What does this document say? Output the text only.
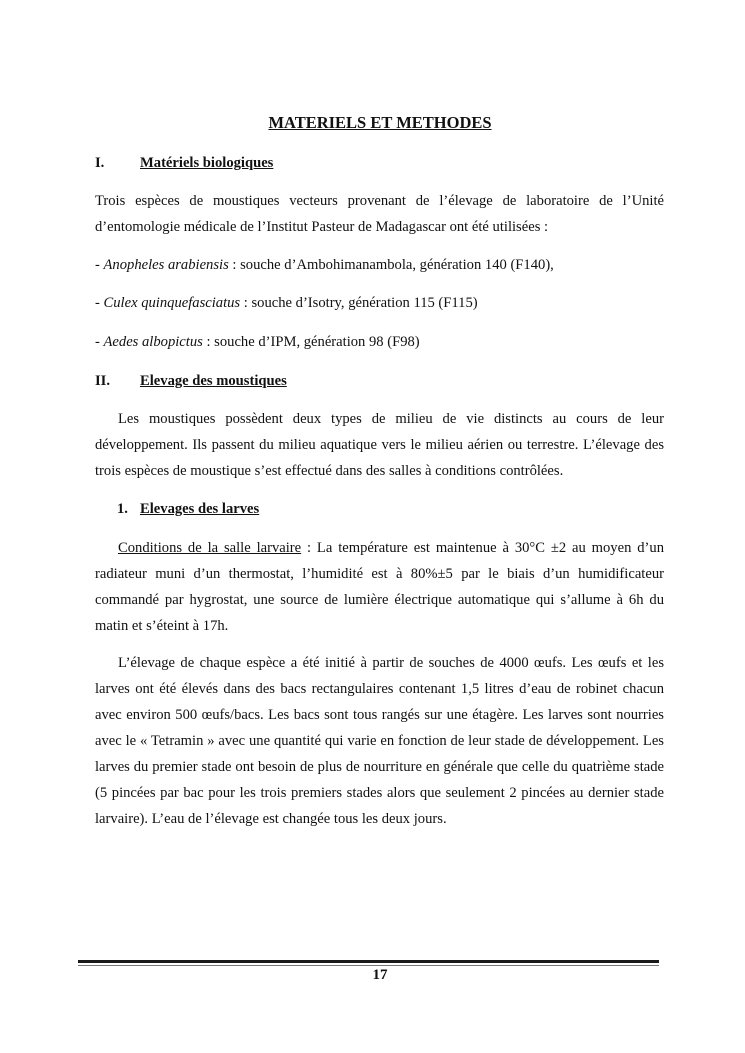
MATERIELS ET METHODES
I. Matériels biologiques

Trois espèces de moustiques vecteurs provenant de l’élevage de laboratoire de l’Unité d’entomologie médicale de l’Institut Pasteur de Madagascar ont été utilisées :

- Anopheles arabiensis : souche d’Ambohimanambola, génération 140 (F140),
- Culex quinquefasciatus : souche d’Isotry, génération 115 (F115)
- Aedes albopictus : souche d’IPM, génération 98 (F98)
II. Elevage des moustiques

Les moustiques possèdent deux types de milieu de vie distincts au cours de leur développement. Ils passent du milieu aquatique vers le milieu aérien ou terrestre. L’élevage des trois espèces de moustique s’est effectué dans des salles à conditions contrôlées.

1. Elevages des larves

Conditions de la salle larvaire : La température est maintenue à 30°C ±2 au moyen d’un radiateur muni d’un thermostat, l’humidité est à 80%±5 par le biais d’un humidificateur commandé par hygrostat, une source de lumière électrique automatique qui s’allume à 6h du matin et s’éteint à 17h.

L’élevage de chaque espèce a été initié à partir de souches de 4000 œufs. Les œufs et les larves ont été élevés dans des bacs rectangulaires contenant 1,5 litres d’eau de robinet chacun avec environ 500 œufs/bacs. Les bacs sont tous rangés sur une étagère. Les larves sont nourries avec le « Tetramin » avec une quantité qui varie en fonction de leur stade de développement. Les larves du premier stade ont besoin de plus de nourriture en générale que celle du quatrième stade (5 pincées par bac pour les trois premiers stades alors que seulement 2 pincées au dernier stade larvaire). L’eau de l’élevage est changée tous les deux jours.

17
